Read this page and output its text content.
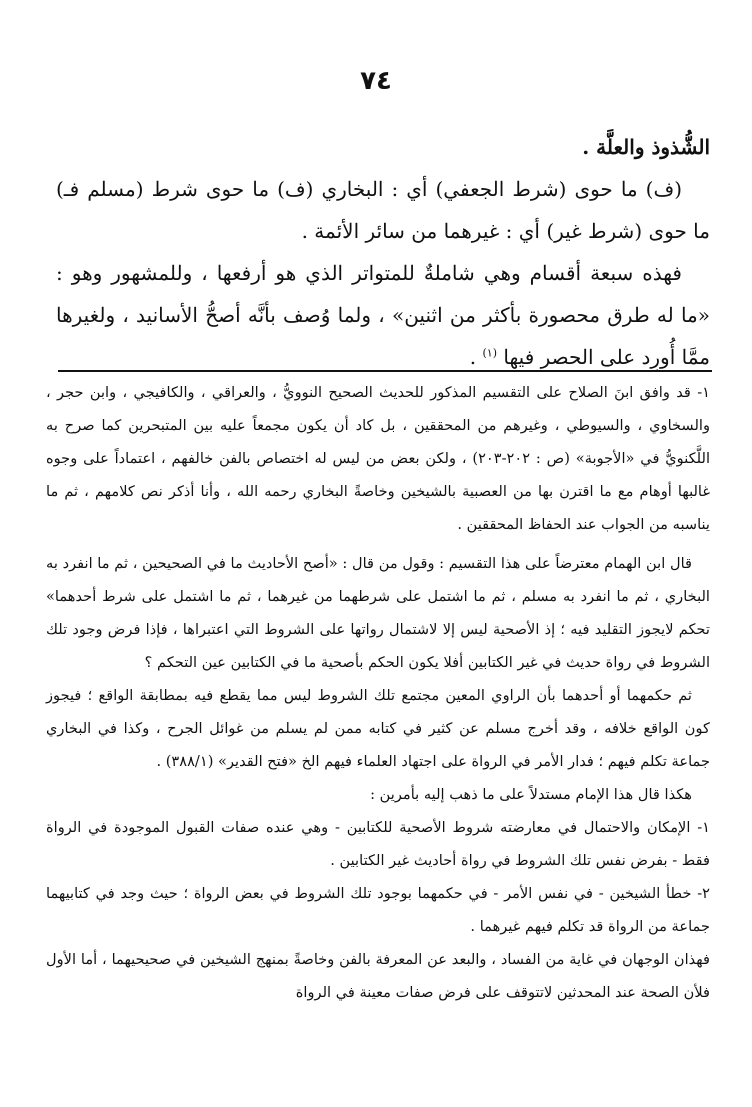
٧٤

الشُّذوذ والعلَّة .

(ف) ما حوى (شرط الجعفي) أي : البخاري (ف) ما حوى شرط (مسلم فـ) ما حوى (شرط غير) أي : غيرهما من سائر الأئمة .

فهذه سبعة أقسام وهي شاملةٌ للمتواتر الذي هو أرفعها ، وللمشهور وهو : «ما له طرق محصورة بأكثر من اثنين» ، ولما وُصف بأنَّه أصحُّ الأسانيد ، ولغيرها ممَّا أُورِد على الحصر فيها $^{(١)}$ .

١- قد وافق ابنَ الصلاح على التقسيم المذكور للحديث الصحيح النوويُّ ، والعراقي ، والكافيجي ، وابن حجر ، والسخاوي ، والسيوطي ، وغيرهم من المحققين ، بل كاد أن يكون مجمعاً عليه بين المتبحرين كما صرح به اللَّكنويُّ في «الأجوبة» (ص : ٢٠٢-٢٠٣) ، ولكن بعض من ليس له اختصاص بالفن خالفهم ، اعتماداً على وجوه غالبها أوهام مع ما اقترن بها من العصبية بالشيخين وخاصةً البخاري رحمه الله ، وأنا أذكر نص كلامهم ، ثم ما يناسبه من الجواب عند الحفاظ المحققين .

قال ابن الهمام معترضاً على هذا التقسيم : وقول من قال : «أصح الأحاديث ما في الصحيحين ، ثم ما انفرد به البخاري ، ثم ما انفرد به مسلم ، ثم ما اشتمل على شرطهما من غيرهما ، ثم ما اشتمل على شرط أحدهما» تحكم لايجوز التقليد فيه ؛ إذ الأصحية ليس إلا لاشتمال رواتها على الشروط التي اعتبراها ، فإذا فرض وجود تلك الشروط في رواة حديث في غير الكتابين أفلا يكون الحكم بأصحية ما في الكتابين عين التحكم ؟

ثم حكمهما أو أحدهما بأن الراوي المعين مجتمع تلك الشروط ليس مما يقطع فيه بمطابقة الواقع ؛ فيجوز كون الواقع خلافه ، وقد أخرج مسلم عن كثير في كتابه ممن لم يسلم من غوائل الجرح ، وكذا في البخاري جماعة تكلم فيهم ؛ فدار الأمر في الرواة على اجتهاد العلماء فيهم الخ «فتح القدير» (٣٨٨/١) .

هكذا قال هذا الإمام مستدلاً على ما ذهب إليه بأمرين :

١- الإمكان والاحتمال في معارضته شروط الأصحية للكتابين - وهي عنده صفات القبول الموجودة في الرواة فقط - بفرض نفس تلك الشروط في رواة أحاديث غير الكتابين .

٢- خطأ الشيخين - في نفس الأمر - في حكمهما بوجود تلك الشروط في بعض الرواة ؛ حيث وجد في كتابيهما جماعة من الرواة قد تكلم فيهم غيرهما .

فهذان الوجهان في غاية من الفساد ، والبعد عن المعرفة بالفن وخاصةً بمنهج الشيخين في صحيحيهما ، أما الأول فلأن الصحة عند المحدثين لاتتوقف على فرض صفات معينة في الرواة
